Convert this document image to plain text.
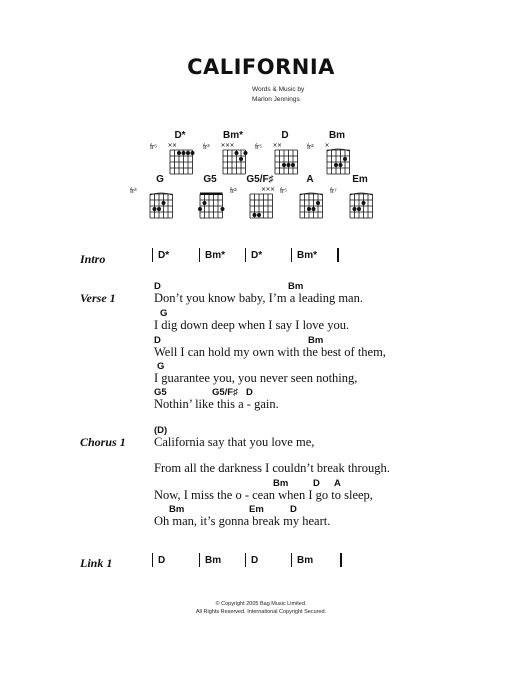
CALIFORNIA
Words & Music by
Marlon Jennings
D*
fr⁵ × ×
Bm*
fr³ × × ×
D
fr⁵ × ×
Bm
fr² ×
G
fr³
G5	G5/F♯
fr²	× × ×
A
fr⁵
Em
fr⁷
Intro	D*	Bm*	D*	Bm*
Verse 1
D	Bm
Don’t you know baby, I’m a leading man.
G
I dig down deep when I say I love you.
D	Bm
Well I can hold my own with the best of them,
G
I guarantee you, you never seen nothing,
G5	G5/F♯ D
Nothin’ like this a - gain.
Chorus 1
(D)
California say that you love me,
From all the darkness I couldn’t break through.
Bm	D A
Now, I miss the o - cean when I go to sleep,
Bm	Em	D
Oh man, it’s gonna break my heart.
Link 1	D	Bm	D	Bm
© Copyright 2005 Bag Music Limited.
All Rights Reserved. International Copyright Secured.
